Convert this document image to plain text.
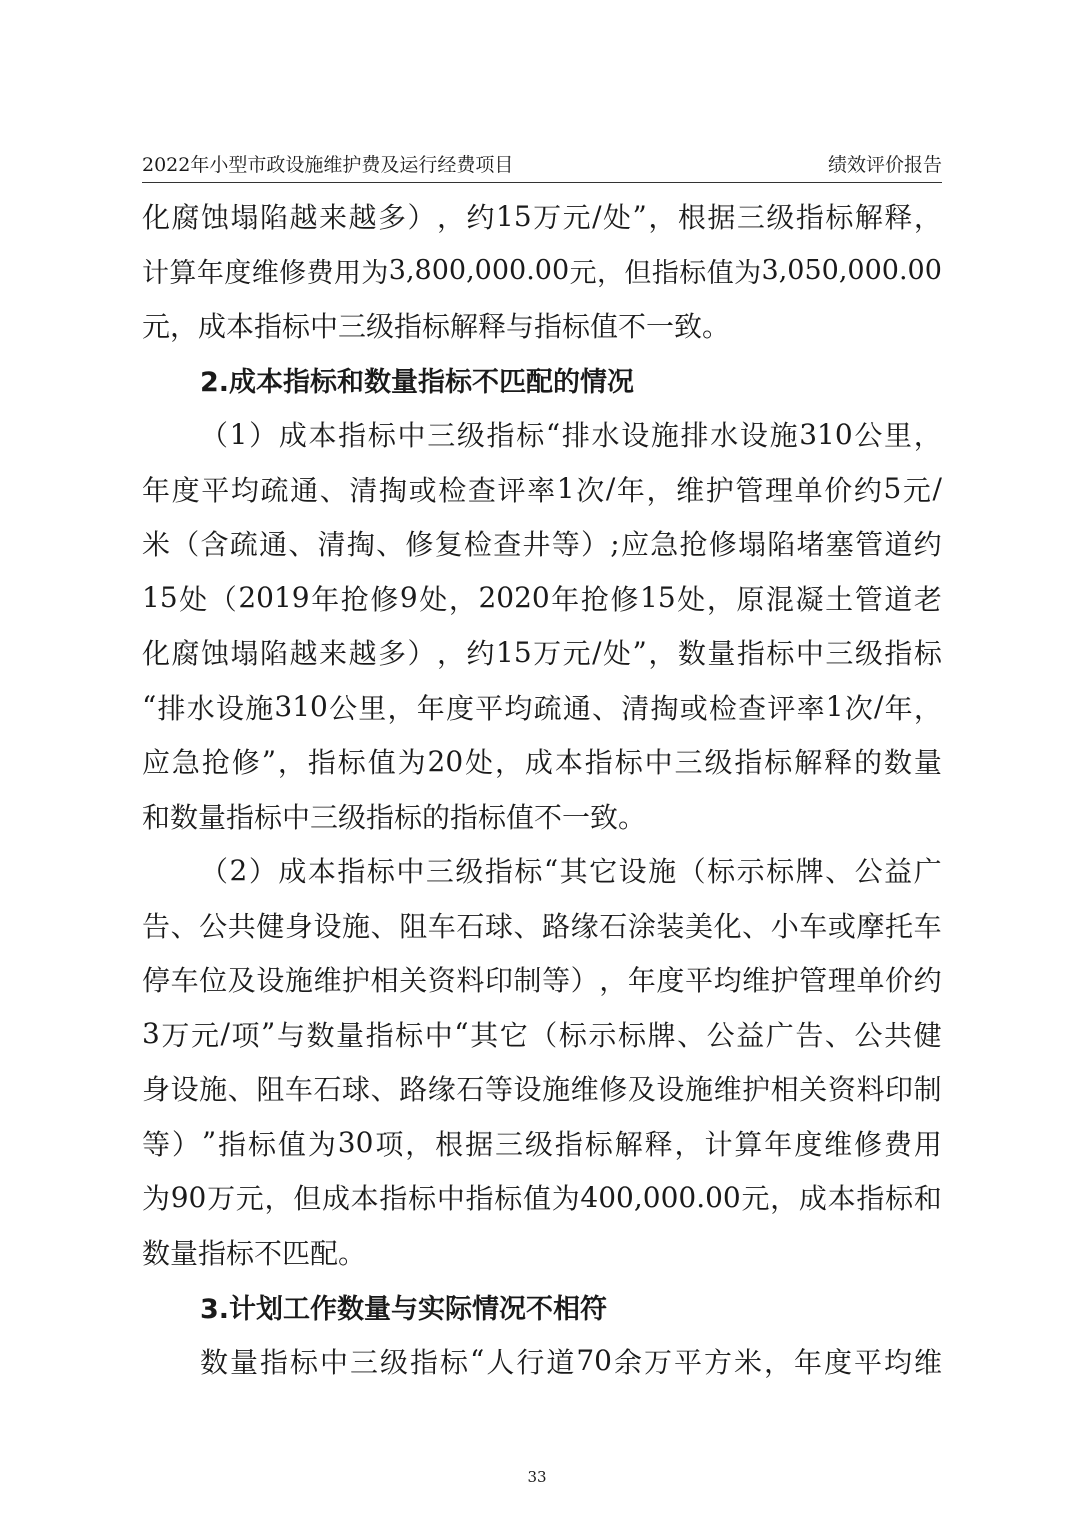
2022年小型市政设施维护费及运行经费项目	绩效评价报告
化 腐 蚀 塌 陷 越 来 越 多 ） ， 约 15 万 元 / 处 ” ， 根 据 三 级 指 标 解 释 ，
计 算 年 度 维 修 费 用 为 3,800,000.00 元 ， 但 指 标 值 为 3,050,000.00
元，成本指标中三级指标解释与指标值不一致。
2.成本指标和数量指标不匹配的情况
（ 1 ） 成 本 指 标 中 三 级 指 标 “ 排 水 设 施 排 水 设 施 310 公 里 ，
年 度 平 均 疏 通 、 清 掏 或 检 查 评 率 1 次 / 年 ， 维 护 管 理 单 价 约 5 元 /
米 （ 含 疏 通 、 清 掏 、 修 复 检 查 井 等 ） ; 应 急 抢 修 塌 陷 堵 塞 管 道 约
15 处 （ 2019 年 抢 修 9 处 ， 2020 年 抢 修 15 处 ， 原 混 凝 土 管 道 老
化 腐 蚀 塌 陷 越 来 越 多 ） ， 约 15 万 元 / 处 ” ， 数 量 指 标 中 三 级 指 标
“ 排 水 设 施 310 公 里 ， 年 度 平 均 疏 通 、 清 掏 或 检 查 评 率 1 次 / 年 ，
应 急 抢 修 ” ， 指 标 值 为 20 处 ， 成 本 指 标 中 三 级 指 标 解 释 的 数 量
和数量指标中三级指标的指标值不一致。
（ 2 ） 成 本 指 标 中 三 级 指 标 “ 其 它 设 施 （ 标 示 标 牌 、 公 益 广
告 、 公 共 健 身 设 施 、 阻 车 石 球 、 路 缘 石 涂 装 美 化 、 小 车 或 摩 托 车
停 车 位 及 设 施 维 护 相 关 资 料 印 制 等 ） ， 年 度 平 均 维 护 管 理 单 价 约
3 万 元 / 项 ” 与 数 量 指 标 中 “ 其 它 （ 标 示 标 牌 、 公 益 广 告 、 公 共 健
身 设 施 、 阻 车 石 球 、 路 缘 石 等 设 施 维 修 及 设 施 维 护 相 关 资 料 印 制
等 ） ” 指 标 值 为 30 项 ， 根 据 三 级 指 标 解 释 ， 计 算 年 度 维 修 费 用
为 90 万 元 ， 但 成 本 指 标 中 指 标 值 为 400,000.00 元 ， 成 本 指 标 和
数量指标不匹配。
3.计划工作数量与实际情况不相符
数 量 指 标 中 三 级 指 标 “ 人 行 道 70 余 万 平 方 米 ， 年 度 平 均 维
33
